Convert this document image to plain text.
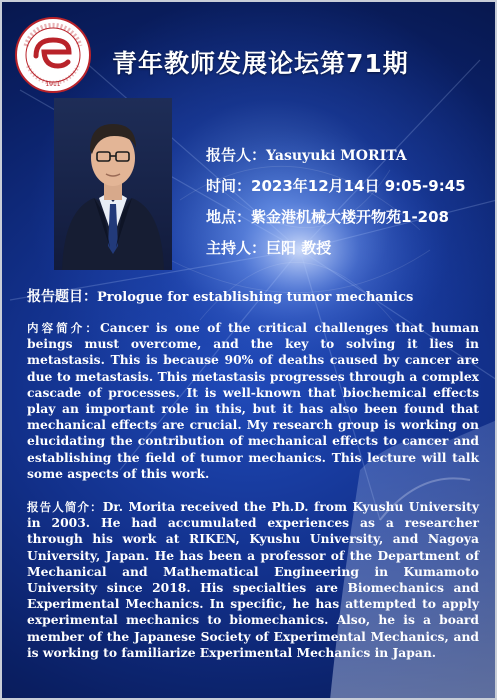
1911
青年教师发展论坛第71期
报告人：Yasuyuki MORITA
时间：2023年12月14日 9:05-9:45
地点：紫金港机械大楼开物苑1-208
主持人：巨阳 教授
报告题目：Prologue for establishing tumor mechanics
内容简介：Cancer is one of the critical challenges that human beings must overcome, and the key to solving it lies in metastasis. This is because 90% of deaths caused by cancer are due to metastasis. This metastasis progresses through a complex cascade of processes. It is well-known that biochemical effects play an important role in this, but it has also been found that mechanical effects are crucial. My research group is working on elucidating the contribution of mechanical effects to cancer and establishing the field of tumor mechanics. This lecture will talk some aspects of this work.
报告人简介：Dr. Morita received the Ph.D. from Kyushu University in 2003. He had accumulated experiences as a researcher through his work at RIKEN, Kyushu University, and Nagoya University, Japan. He has been a professor of the Department of Mechanical and Mathematical Engineering in Kumamoto University since 2018. His specialties are Biomechanics and Experimental Mechanics. In specific, he has attempted to apply experimental mechanics to biomechanics. Also, he is a board member of the Japanese Society of Experimental Mechanics, and is working to familiarize Experimental Mechanics in Japan.
